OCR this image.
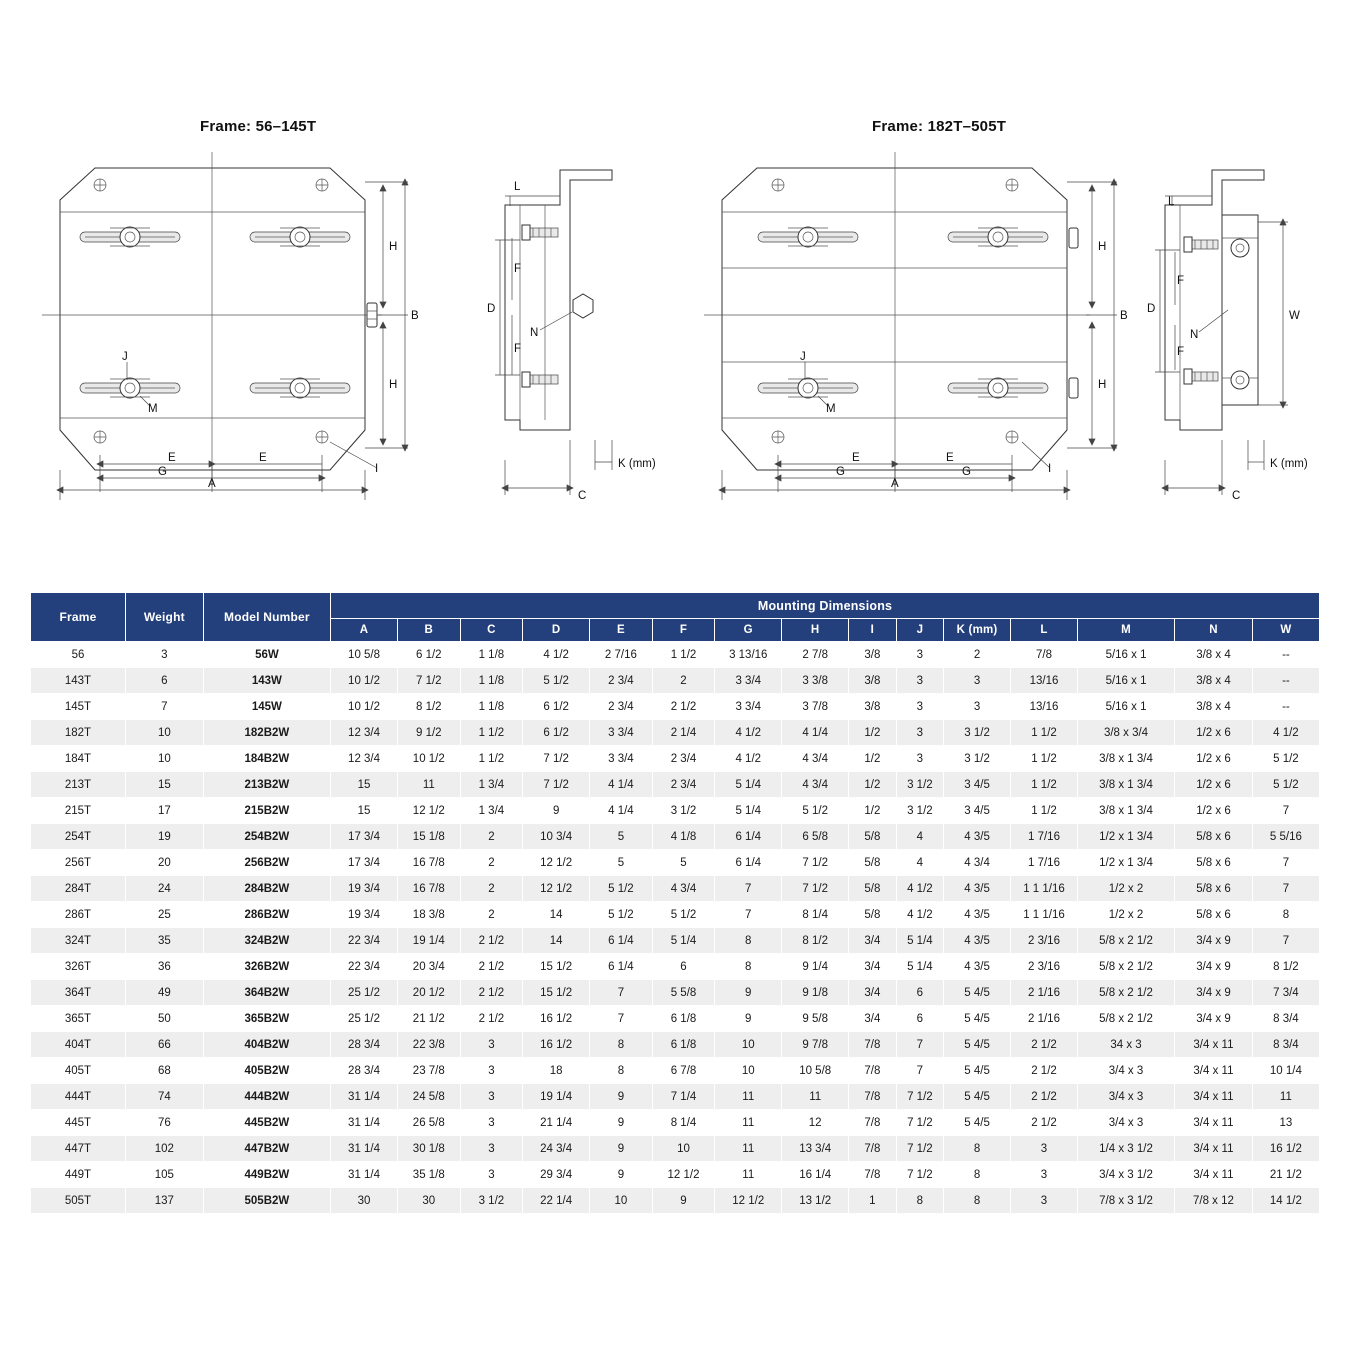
Frame: 56–145T	Frame: 182T–505T
H
H
B
E	E
G
A
J
M
I
F
F
D
N
L
C
K (mm)
H
H
B
E	E
G	G
A
J
M
I
L
F
F
D
N
W
C
K (mm)
Frame	Weight	Model Number	Mounting Dimensions														
			A	B	C	D	E	F	G	H	I	J	K (mm)	L	M	N	W
56	3	56W	10 5/8	6 1/2	1 1/8	4 1/2	2 7/16	1 1/2	3 13/16	2 7/8	3/8	3	2	7/8	5/16 x 1	3/8 x 4	--
143T	6	143W	10 1/2	7 1/2	1 1/8	5 1/2	2 3/4	2	3 3/4	3 3/8	3/8	3	3	13/16	5/16 x 1	3/8 x 4	--
145T	7	145W	10 1/2	8 1/2	1 1/8	6 1/2	2 3/4	2 1/2	3 3/4	3 7/8	3/8	3	3	13/16	5/16 x 1	3/8 x 4	--
182T	10	182B2W	12 3/4	9 1/2	1 1/2	6 1/2	3 3/4	2 1/4	4 1/2	4 1/4	1/2	3	3 1/2	1 1/2	3/8 x 3/4	1/2 x 6	4 1/2
184T	10	184B2W	12 3/4	10 1/2	1 1/2	7 1/2	3 3/4	2 3/4	4 1/2	4 3/4	1/2	3	3 1/2	1 1/2	3/8 x 1 3/4	1/2 x 6	5 1/2
213T	15	213B2W	15	11	1 3/4	7 1/2	4 1/4	2 3/4	5 1/4	4 3/4	1/2	3 1/2	3 4/5	1 1/2	3/8 x 1 3/4	1/2 x 6	5 1/2
215T	17	215B2W	15	12 1/2	1 3/4	9	4 1/4	3 1/2	5 1/4	5 1/2	1/2	3 1/2	3 4/5	1 1/2	3/8 x 1 3/4	1/2 x 6	7
254T	19	254B2W	17 3/4	15 1/8	2	10 3/4	5	4 1/8	6 1/4	6 5/8	5/8	4	4 3/5	1 7/16	1/2 x 1 3/4	5/8 x 6	5 5/16
256T	20	256B2W	17 3/4	16 7/8	2	12 1/2	5	5	6 1/4	7 1/2	5/8	4	4 3/4	1 7/16	1/2 x 1 3/4	5/8 x 6	7
284T	24	284B2W	19 3/4	16 7/8	2	12 1/2	5 1/2	4 3/4	7	7 1/2	5/8	4 1/2	4 3/5	1 1 1/16	1/2 x 2	5/8 x 6	7
286T	25	286B2W	19 3/4	18 3/8	2	14	5 1/2	5 1/2	7	8 1/4	5/8	4 1/2	4 3/5	1 1 1/16	1/2 x 2	5/8 x 6	8
324T	35	324B2W	22 3/4	19 1/4	2 1/2	14	6 1/4	5 1/4	8	8 1/2	3/4	5 1/4	4 3/5	2 3/16	5/8 x 2 1/2	3/4 x 9	7
326T	36	326B2W	22 3/4	20 3/4	2 1/2	15 1/2	6 1/4	6	8	9 1/4	3/4	5 1/4	4 3/5	2 3/16	5/8 x 2 1/2	3/4 x 9	8 1/2
364T	49	364B2W	25 1/2	20 1/2	2 1/2	15 1/2	7	5 5/8	9	9 1/8	3/4	6	5 4/5	2 1/16	5/8 x 2 1/2	3/4 x 9	7 3/4
365T	50	365B2W	25 1/2	21 1/2	2 1/2	16 1/2	7	6 1/8	9	9 5/8	3/4	6	5 4/5	2 1/16	5/8 x 2 1/2	3/4 x 9	8 3/4
404T	66	404B2W	28 3/4	22 3/8	3	16 1/2	8	6 1/8	10	9 7/8	7/8	7	5 4/5	2 1/2	34 x 3	3/4 x 11	8 3/4
405T	68	405B2W	28 3/4	23 7/8	3	18	8	6 7/8	10	10 5/8	7/8	7	5 4/5	2 1/2	3/4 x 3	3/4 x 11	10 1/4
444T	74	444B2W	31 1/4	24 5/8	3	19 1/4	9	7 1/4	11	11	7/8	7 1/2	5 4/5	2 1/2	3/4 x 3	3/4 x 11	11
445T	76	445B2W	31 1/4	26 5/8	3	21 1/4	9	8 1/4	11	12	7/8	7 1/2	5 4/5	2 1/2	3/4 x 3	3/4 x 11	13
447T	102	447B2W	31 1/4	30 1/8	3	24 3/4	9	10	11	13 3/4	7/8	7 1/2	8	3	1/4 x 3 1/2	3/4 x 11	16 1/2
449T	105	449B2W	31 1/4	35 1/8	3	29 3/4	9	12 1/2	11	16 1/4	7/8	7 1/2	8	3	3/4 x 3 1/2	3/4 x 11	21 1/2
505T	137	505B2W	30	30	3 1/2	22 1/4	10	9	12 1/2	13 1/2	1	8	8	3	7/8 x 3 1/2	7/8 x 12	14 1/2
